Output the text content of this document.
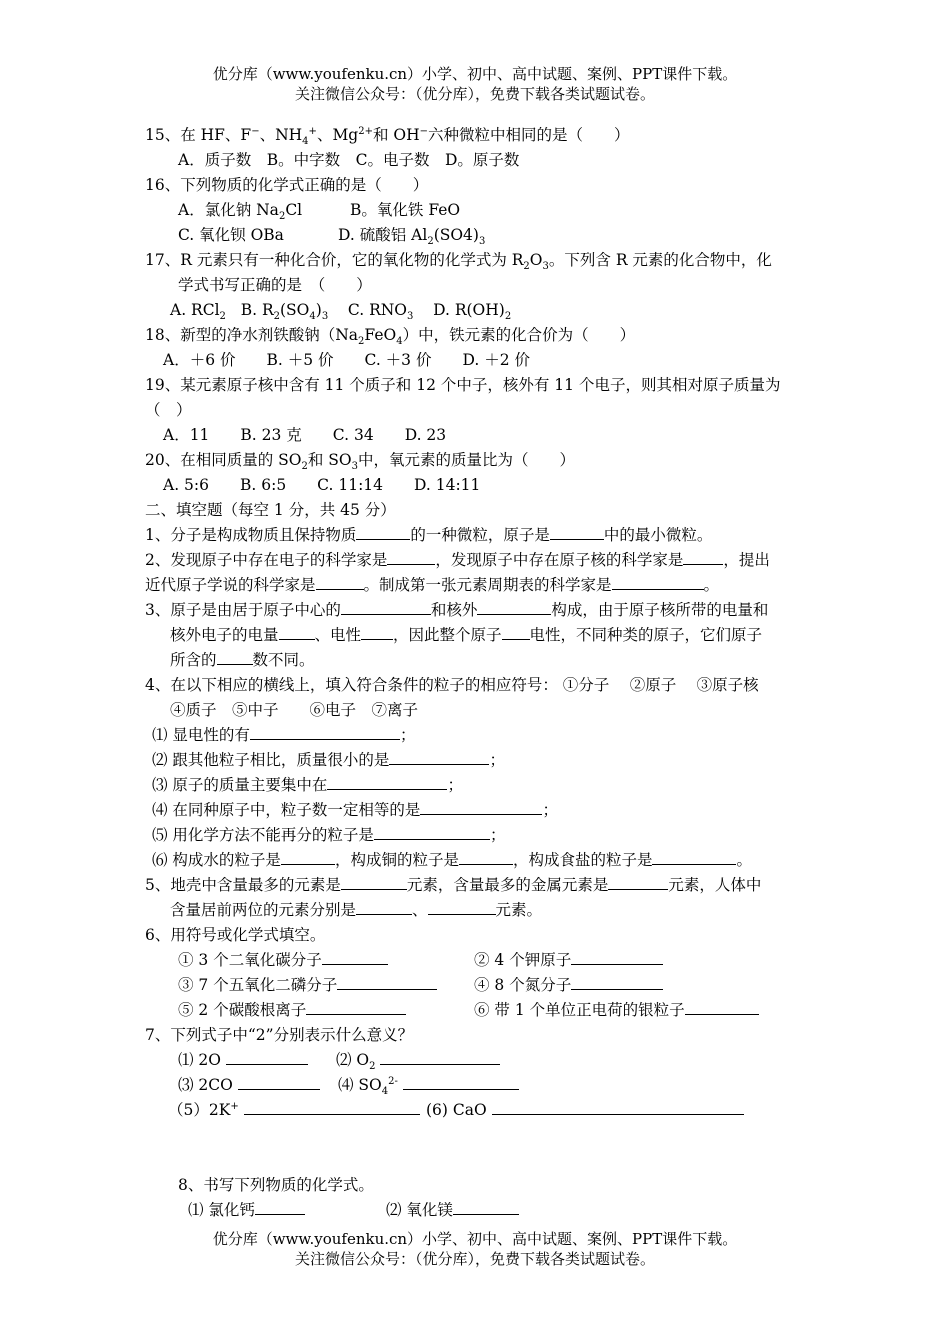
优分库（www.youfenku.cn）小学、初中、高中试题、案例、PPT课件下载。
关注微信公众号：（优分库），免费下载各类试题试卷。
15、在 HF、F−、$NH_4^+$、$Mg^{2+}$和 OH−六种微粒中相同的是（　　）
A．质子数　B。中字数　C。电子数　D。原子数
16、下列物质的化学式正确的是（　　）
A．氯化钠 $Na_2Cl$	B。氧化铁 FeO
C. 氧化钡 OBa	D. 硫酸铝 $Al_2(SO4)_3$
17、R 元素只有一种化合价，它的氧化物的化学式为 $R_2O_3$。下列含 R 元素的化合物中，化
学式书写正确的是　（　　）
A. RCl$_2$ B. $R_2(SO_4)_3$ C. $RNO_3$ D. $R(OH)_2$
18、新型的净水剂铁酸钠$(Na_2FeO_4)$中，铁元素的化合价为（　　）
A．＋6 价　　B. ＋5 价　　C. ＋3 价　　D. ＋2 价
19、某元素原子核中含有 11 个质子和 12 个中子，核外有 11 个电子，则其相对原子质量为
（　）
A．11　　B. 23 克　　C. 34　　D. 23
20、在相同质量的 $SO_2$和 $SO_3$中，氧元素的质量比为（　　）
A. 5:6　　B. 6:5　　C. 11:14　　D. 14:11
二、填空题（每空 1 分，共 45 分）
1、分子是构成物质且保持物质	的一种微粒，原子是	中的最小微粒。
2、发现原子中存在电子的科学家是	，发现原子中存在原子核的科学家是	，提出
近代原子学说的科学家是	。制成第一张元素周期表的科学家是	。
3、原子是由居于原子中心的	和核外	构成，由于原子核所带的电量和
核外电子的电量 、电性 ，因此整个原子 电性，不同种类的原子，它们原子
所含的 数不同。
4、在以下相应的横线上，填入符合条件的粒子的相应符号： ①分子　 ②原子　 ③原子核
④质子　⑤中子　　⑥电子　⑦离子
⑴ 显电性的有	；
⑵ 跟其他粒子相比，质量很小的是	；
⑶ 原子的质量主要集中在	；
⑷ 在同种原子中，粒子数一定相等的是	；
⑸ 用化学方法不能再分的粒子是	；
⑹ 构成水的粒子是	，构成铜的粒子是	，构成食盐的粒子是	。
5、地壳中含量最多的元素是	元素，含量最多的金属元素是	元素，人体中
含量居前两位的元素分别是	、	元素。
6、用符号或化学式填空。
① 3 个二氧化碳分子	② 4 个钾原子
③ 7 个五氧化二磷分子	④ 8 个氮分子
⑤ 2 个碳酸根离子	⑥ 带 1 个单位正电荷的银粒子
7、下列式子中“2”分别表示什么意义？
⑴ 2O	⑵ $O_2$
⑶ 2CO	⑷ $SO_4^{2-}$
（5）2K+	(6) CaO
8、书写下列物质的化学式。
⑴ 氯化钙	⑵ 氧化镁
优分库（www.youfenku.cn）小学、初中、高中试题、案例、PPT课件下载。
关注微信公众号：（优分库），免费下载各类试题试卷。
